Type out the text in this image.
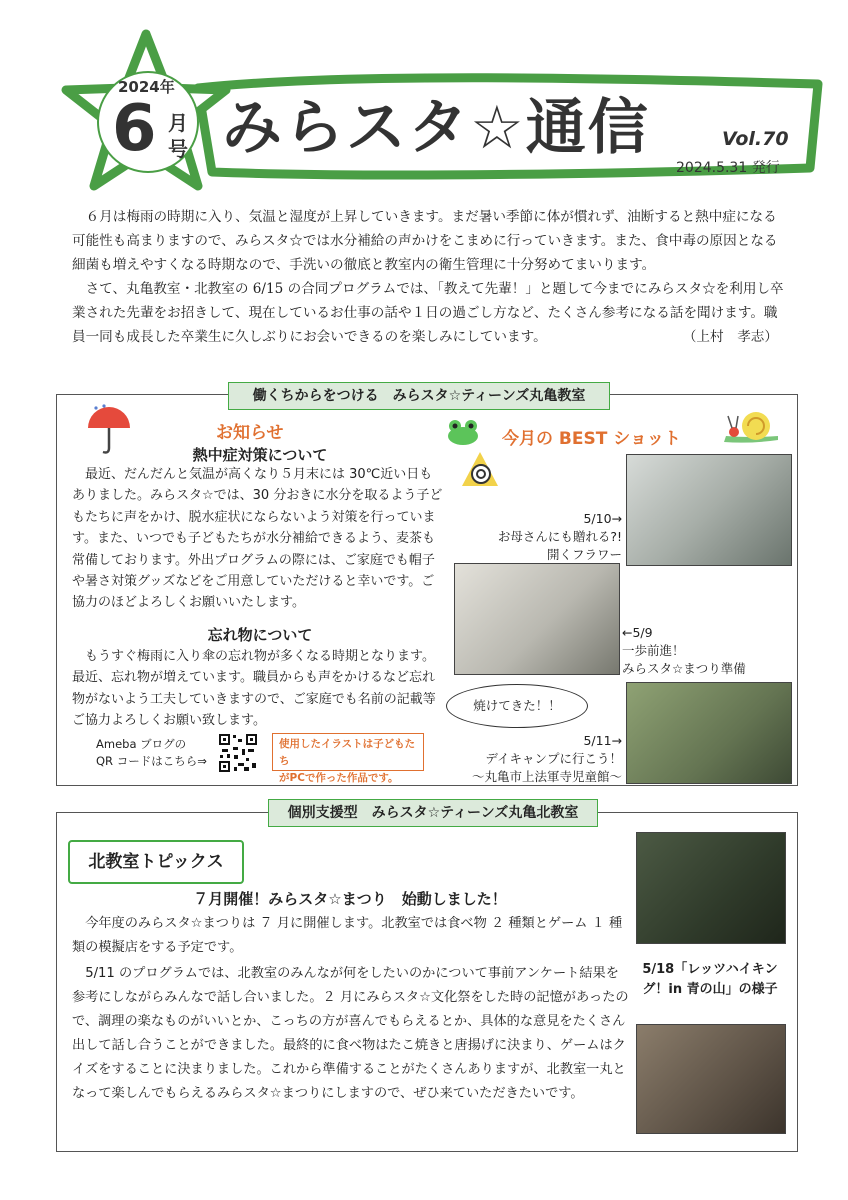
2024年
6 月号 みらスタ☆通信	Vol.70
2024.5.31 発行

６月は梅雨の時期に入り、気温と湿度が上昇していきます。まだ暑い季節に体が慣れず、油断すると熱中症になる可能性も高まりますので、みらスタ☆では水分補給の声かけをこまめに行っていきます。また、食中毒の原因となる細菌も増えやすくなる時期なので、手洗いの徹底と教室内の衛生管理に十分努めてまいります。

さて、丸亀教室・北教室の 6/15 の合同プログラムでは、「教えて先輩！」と題して今までにみらスタ☆を利用し卒業された先輩をお招きして、現在しているお仕事の話や１日の過ごし方など、たくさん参考になる話を聞けます。職員一同も成長した卒業生に久しぶりにお会いできるのを楽しみにしています。	（上村　孝志）
働くちからをつける　みらスタ☆ティーンズ丸亀教室
お知らせ
熱中症対策について

最近、だんだんと気温が高くなり５月末には 30℃近い日もありました。みらスタ☆では、30 分おきに水分を取るよう子どもたちに声をかけ、脱水症状にならないよう対策を行っています。また、いつでも子どもたちが水分補給できるよう、麦茶も常備しております。外出プログラムの際には、ご家庭でも帽子や暑さ対策グッズなどをご用意していただけると幸いです。ご協力のほどよろしくお願いいたします。

忘れ物について

もうすぐ梅雨に入り傘の忘れ物が多くなる時期となります。最近、忘れ物が増えています。職員からも声をかけるなど忘れ物がないよう工夫していきますので、ご家庭でも名前の記載等ご協力よろしくお願い致します。

Ameba ブログの
QR コードはこちら⇒
使用したイラストは子どもたち
がPCで作った作品です。
今月の BEST ショット
5/10→
お母さんにも贈れる?!
開くフラワー
←5/9
一歩前進！
みらスタ☆まつり準備
焼けてきた！！
5/11→
デイキャンプに行こう！
～丸亀市上法軍寺児童館～
個別支援型　みらスタ☆ティーンズ丸亀北教室
北教室トピックス
７月開催！みらスタ☆まつり　始動しました！

今年度のみらスタ☆まつりは ７ 月に開催します。北教室では食べ物 ２ 種類とゲーム １ 種類の模擬店をする予定です。

5/11 のプログラムでは、北教室のみんなが何をしたいのかについて事前アンケート結果を参考にしながらみんなで話し合いました。２ 月にみらスタ☆文化祭をした時の記憶があったので、調理の楽なものがいいとか、こっちの方が喜んでもらえるとか、具体的な意見をたくさん出して話し合うことができました。最終的に食べ物はたこ焼きと唐揚げに決まり、ゲームはクイズをすることに決まりました。これから準備することがたくさんありますが、北教室一丸となって楽しんでもらえるみらスタ☆まつりにしますので、ぜひ来ていただきたいです。

5/18「レッツハイキン
グ！in 青の山」の様子
